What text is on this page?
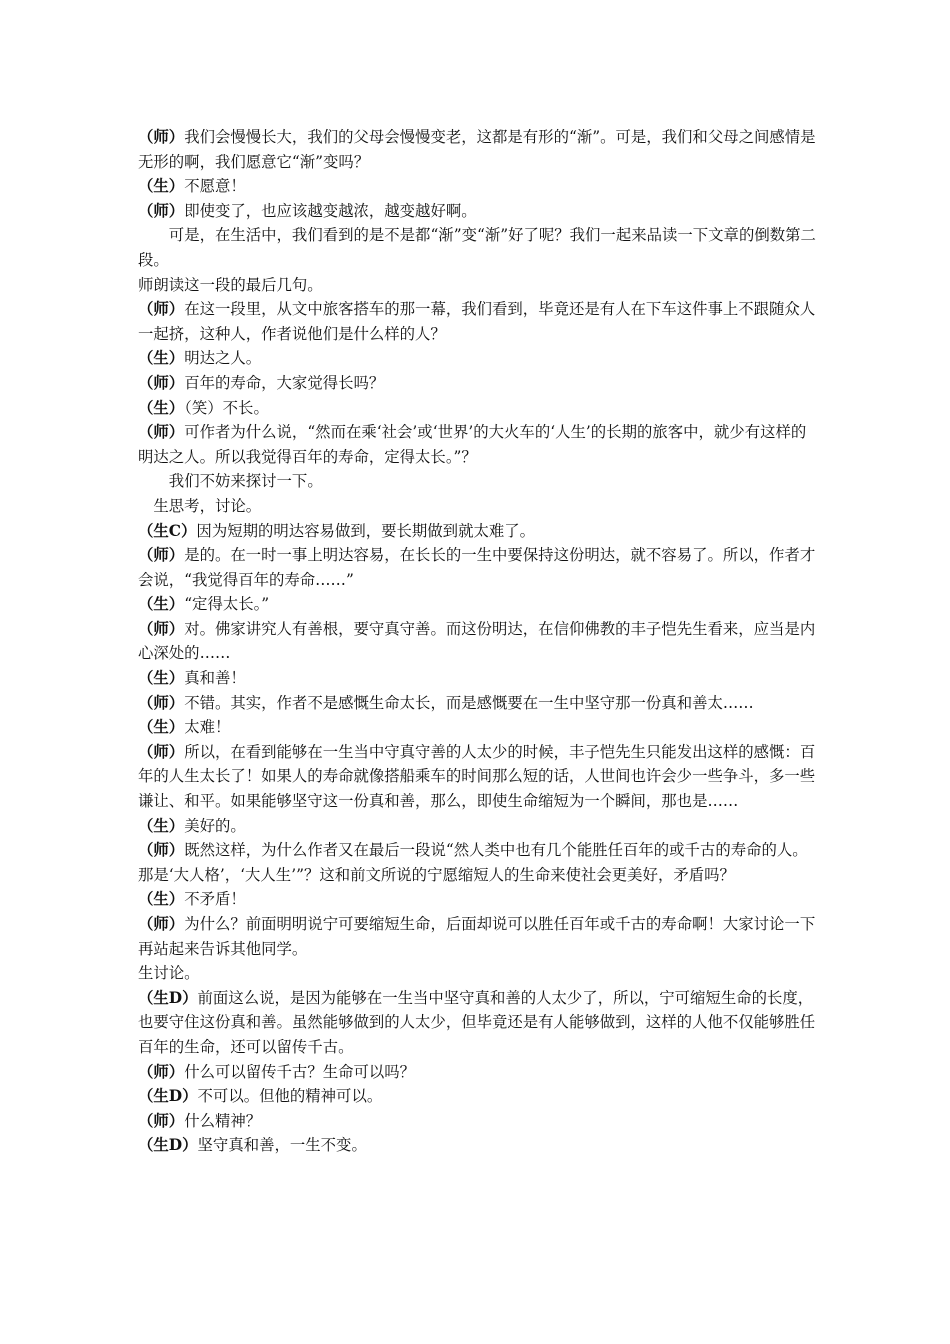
（师）我们会慢慢长大，我们的父母会慢慢变老，这都是有形的“渐”。可是，我们和父母之间感情是无形的啊，我们愿意它“渐”变吗？

（生）不愿意！

（师）即使变了，也应该越变越浓，越变越好啊。

可是，在生活中，我们看到的是不是都“渐”变“渐”好了呢？我们一起来品读一下文章的倒数第二段。

师朗读这一段的最后几句。

（师）在这一段里，从文中旅客搭车的那一幕，我们看到，毕竟还是有人在下车这件事上不跟随众人一起挤，这种人，作者说他们是什么样的人？

（生）明达之人。

（师）百年的寿命，大家觉得长吗？

（生）（笑）不长。

（师）可作者为什么说，“然而在乘‘社会’或‘世界’的大火车的‘人生’的长期的旅客中，就少有这样的明达之人。所以我觉得百年的寿命，定得太长。”？

我们不妨来探讨一下。

生思考，讨论。

（生C）因为短期的明达容易做到，要长期做到就太难了。

（师）是的。在一时一事上明达容易，在长长的一生中要保持这份明达，就不容易了。所以，作者才会说，“我觉得百年的寿命……”

（生）“定得太长。”

（师）对。佛家讲究人有善根，要守真守善。而这份明达，在信仰佛教的丰子恺先生看来，应当是内心深处的……

（生）真和善！

（师）不错。其实，作者不是感慨生命太长，而是感慨要在一生中坚守那一份真和善太……

（生）太难！

（师）所以，在看到能够在一生当中守真守善的人太少的时候，丰子恺先生只能发出这样的感慨：百年的人生太长了！如果人的寿命就像搭船乘车的时间那么短的话，人世间也许会少一些争斗，多一些谦让、和平。如果能够坚守这一份真和善，那么，即使生命缩短为一个瞬间，那也是……

（生）美好的。

（师）既然这样，为什么作者又在最后一段说“然人类中也有几个能胜任百年的或千古的寿命的人。那是‘大人格’，‘大人生’”？这和前文所说的宁愿缩短人的生命来使社会更美好，矛盾吗？

（生）不矛盾！

（师）为什么？前面明明说宁可要缩短生命，后面却说可以胜任百年或千古的寿命啊！大家讨论一下再站起来告诉其他同学。

生讨论。

（生D）前面这么说，是因为能够在一生当中坚守真和善的人太少了，所以，宁可缩短生命的长度，也要守住这份真和善。虽然能够做到的人太少，但毕竟还是有人能够做到，这样的人他不仅能够胜任百年的生命，还可以留传千古。

（师）什么可以留传千古？生命可以吗？

（生D）不可以。但他的精神可以。

（师）什么精神？

（生D）坚守真和善，一生不变。
